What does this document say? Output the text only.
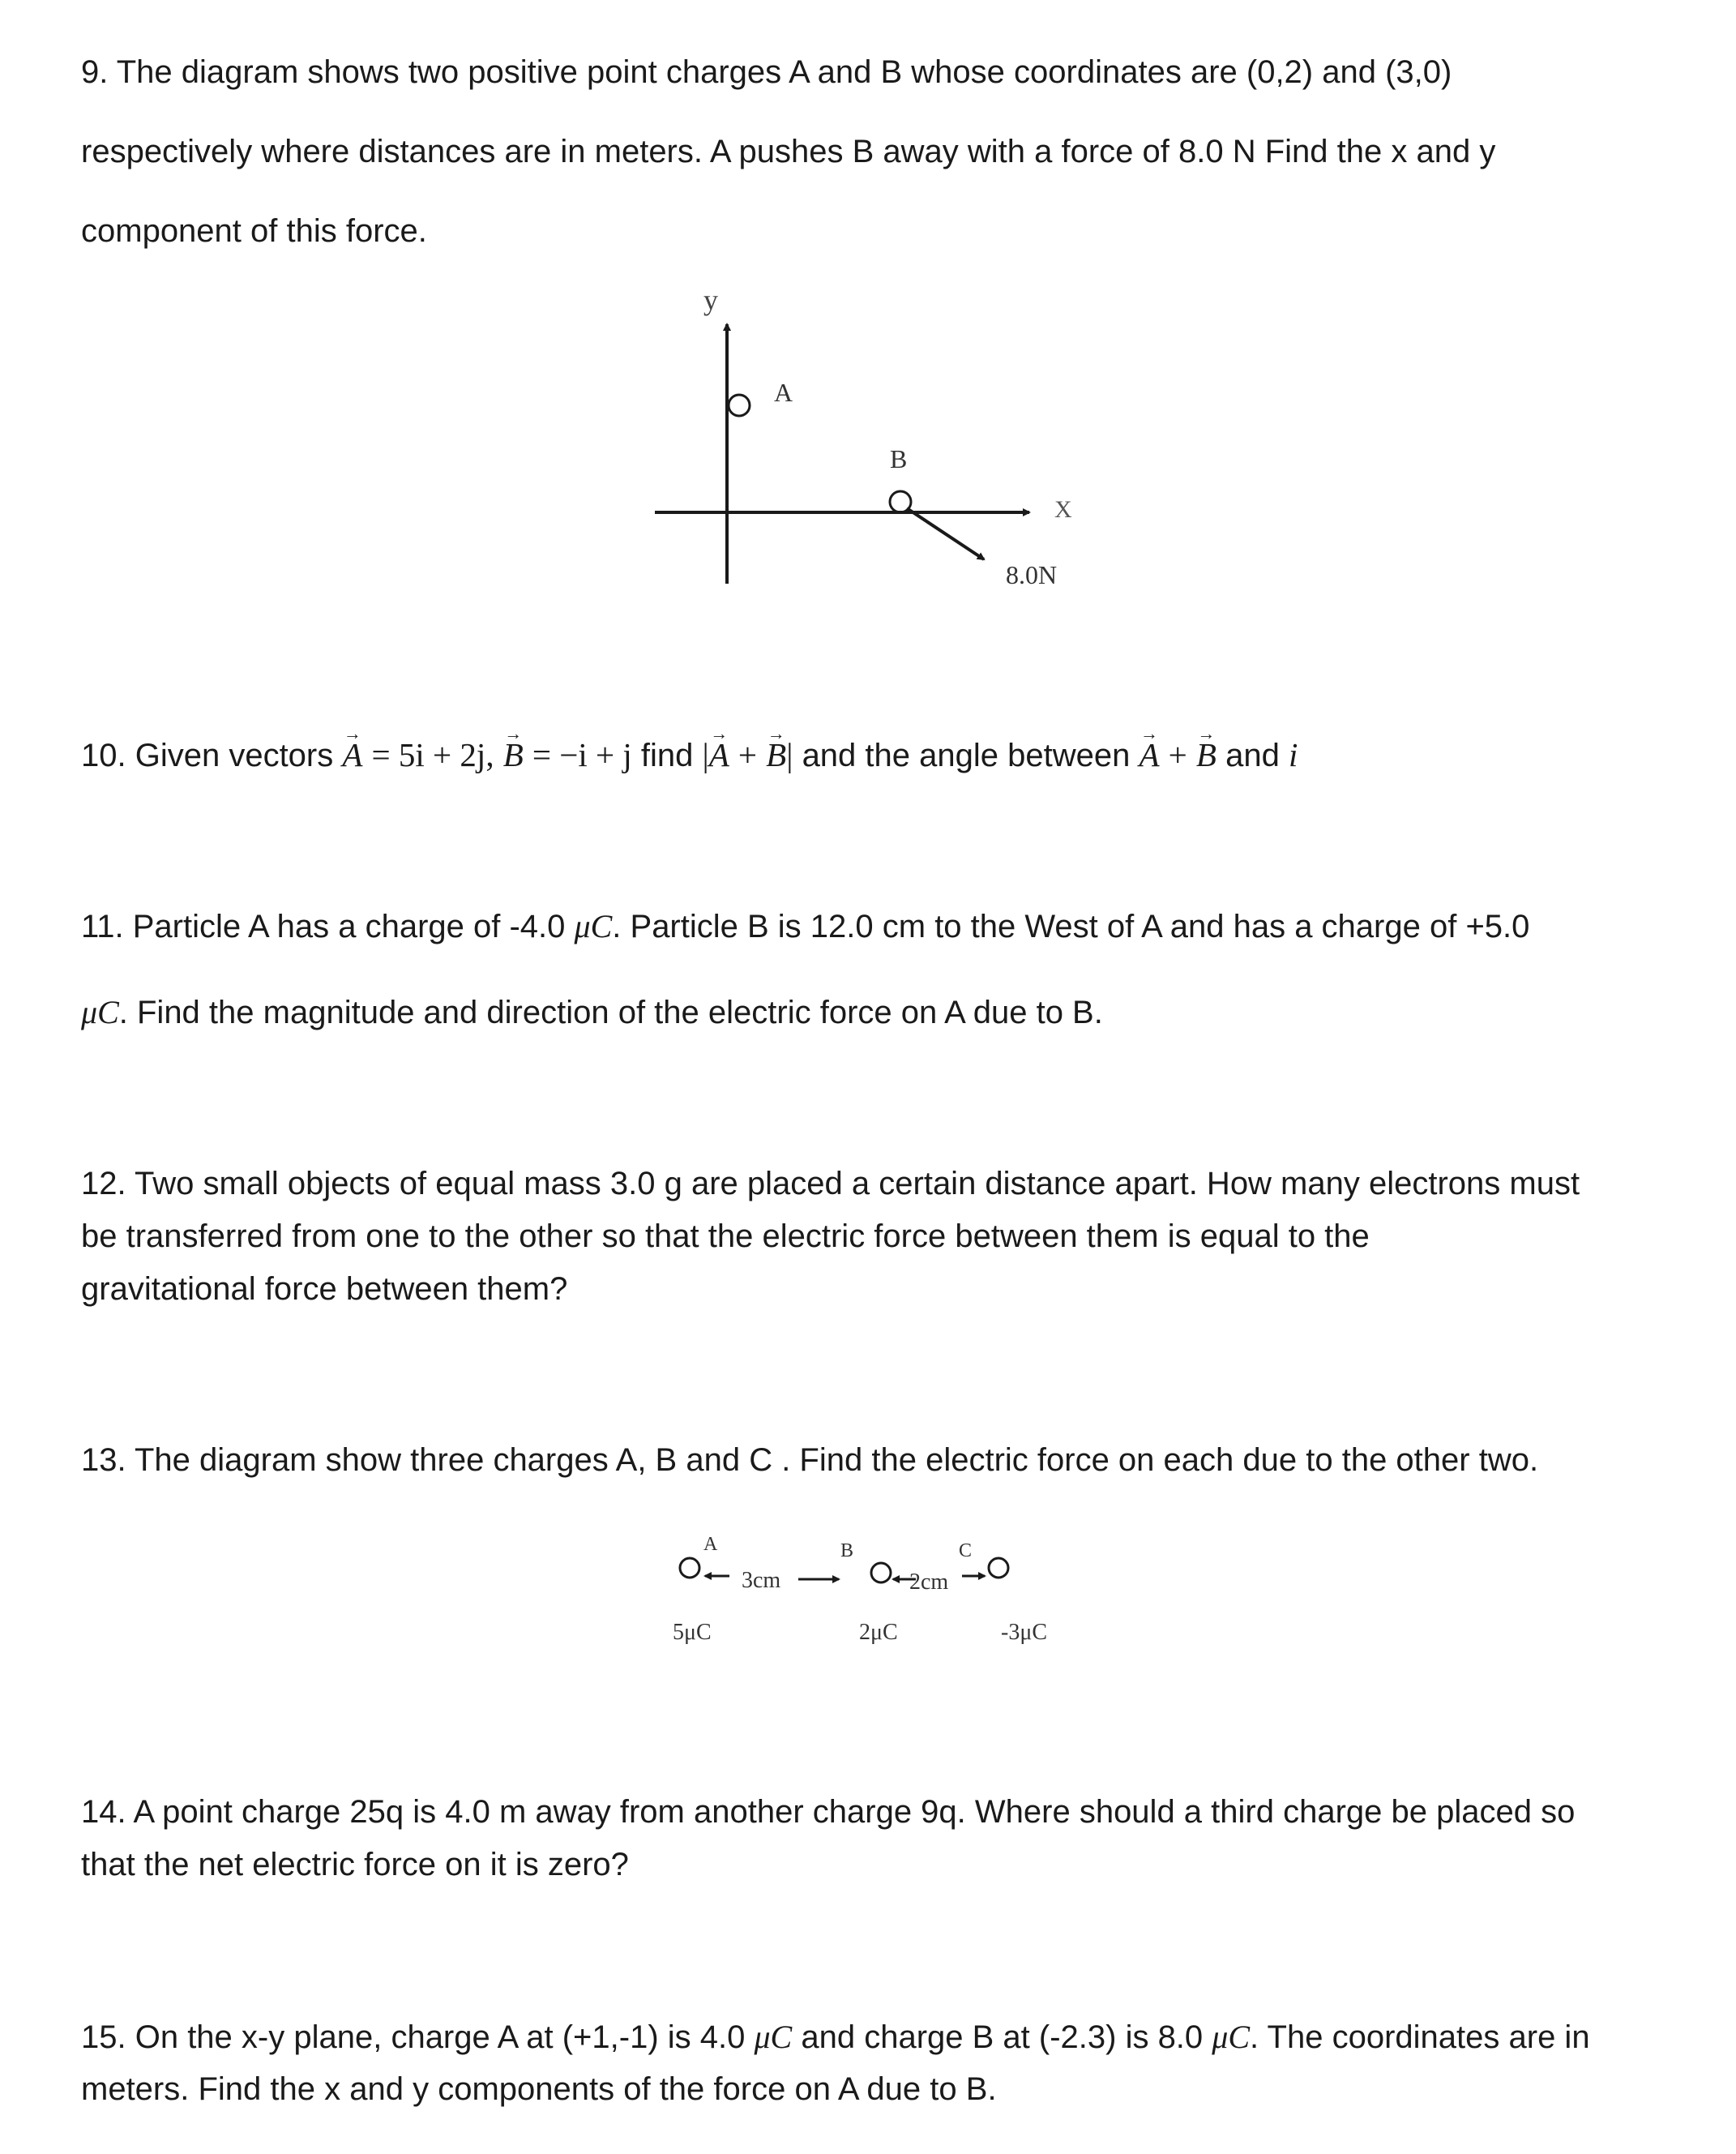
9. The diagram shows two positive point charges A and B whose coordinates are (0,2) and (3,0)

respectively where distances are in meters. A pushes B away with a force of 8.0 N Find the x and y

component of this force.

y
X
A
B
8.0N

10. Given vectors → A = 5i + 2j, → B = −i + j find |→ A + → B| and the angle between → A + → B and i

11. Particle A has a charge of -4.0 μC. Particle B is 12.0 cm to the West of A and has a charge of +5.0

μC. Find the magnitude and direction of the electric force on A due to B.

12. Two small objects of equal mass 3.0 g are placed a certain distance apart. How many electrons must

be transferred from one to the other so that the electric force between them is equal to the

gravitational force between them?

13. The diagram show three charges A, B and C . Find the electric force on each due to the other two.

A	B	C
3cm	2cm
5μC	2μC	-3μC

14. A point charge 25q is 4.0 m away from another charge 9q. Where should a third charge be placed so

that the net electric force on it is zero?

15. On the x-y plane, charge A at (+1,-1) is 4.0 μC and charge B at (-2.3) is 8.0 μC. The coordinates are in

meters. Find the x and y components of the force on A due to B.
